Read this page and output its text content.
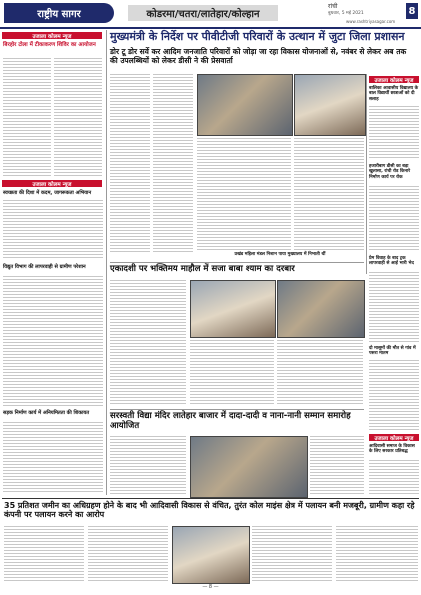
राष्ट्रीय सागर	कोडरमा/चतरा/लातेहार/कोल्हान
रांची
बुधवार, 5 मई 2021
www.rashtriyasagar.com
8
उजाला कोलम न्यूज
बिरहोर टोला में टीकाकरण शिविर का आयोजन
उजाला कोलम न्यूज
स्वच्छता की दिशा में कदम, जागरूकता अभियान
विद्युत विभाग की लापरवाही से ग्रामीण परेशान
सड़क निर्माण कार्य में अनियमितता की शिकायत
मुख्यमंत्री के निर्देश पर पीवीटीजी परिवारों के उत्थान में जुटा जिला प्रशासन
डोर टू डोर सर्वे कर आदिम जनजाति परिवारों को जोड़ा जा रहा विकास योजनाओं से, नवंबर से लेकर अब तक की उपलब्धियों को लेकर डीसी ने की प्रेसवार्ता
प्रखंड महिला मंडल निशान पाया मुख्यालय में निभाती थीं
एकादशी पर भक्तिमय माहौल में सजा बाबा श्याम का दरबार
सरस्वती विद्या मंदिर लातेहार बाजार में दादा-दादी व नाना-नानी सम्मान समारोह आयोजित
उजाला कोलम न्यूज
बालिका आवासीय विद्यालय के बाल विद्यार्थी छात्राओं को दी सलाह
हजारीबाग डीसी का बड़ा खुलासा, रांची रोड किनारे निर्माण कार्य पर रोक
प्रेम विवाह के बाद ट्रक लापरवाही से आई भारी भेद
दो मासूमों की मौत से गांव में पसरा मातम
उजाला कोलम न्यूज
आदिवासी समाज के विकास के लिए सरकार प्रतिबद्ध
35 प्रतिशत जमीन का अधिग्रहण होने के बाद भी आदिवासी विकास से वंचित, तुरंत कोल माइंस क्षेत्र में पलायन बनी मजबूरी, ग्रामीण कहा रहे कंपनी पर पलायन करने का आरोप
— 8 —
